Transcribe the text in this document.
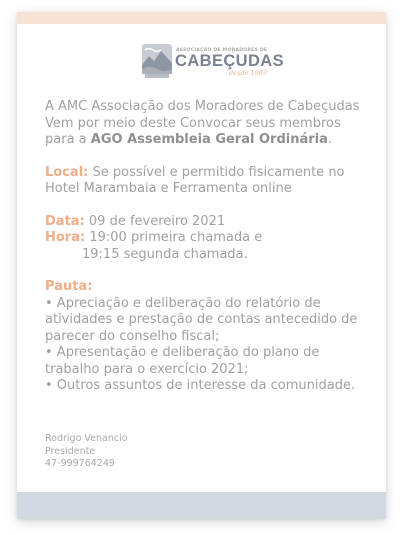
ASSOCIAÇÃO DE MORADORES DE
CABEÇUDAS
desde 1983

A AMC Associação dos Moradores de Cabeçudas

Vem por meio deste Convocar seus membros

para a AGO Assembleia Geral Ordinária.

Local: Se possível e permitido fisicamente no

Hotel Marambaia e Ferramenta online

Data: 09 de fevereiro 2021

Hora: 19:00 primeira chamada e

19:15 segunda chamada.

Pauta:

• Apreciação e deliberação do relatório de

atividades e prestação de contas antecedido de

parecer do conselho fiscal;

• Apresentação e deliberação do plano de

trabalho para o exercício 2021;

• Outros assuntos de interesse da comunidade.

Rodrigo Venancio
Presidente
47-999764249
